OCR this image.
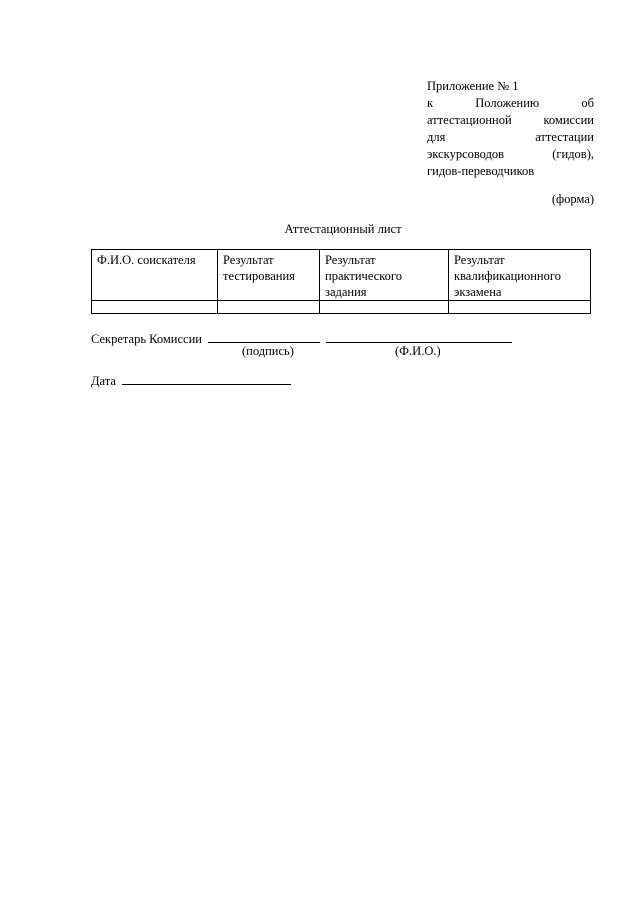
Приложение № 1
к Положению об
аттестационной комиссии
для аттестации
экскурсоводов (гидов),
гидов-переводчиков
(форма)
Аттестационный лист
Ф.И.О. соискателя	Результат тестирования	Результат практического задания	Результат квалификационного экзамена

Секретарь Комиссии
(подпись)	(Ф.И.О.)
Дата
